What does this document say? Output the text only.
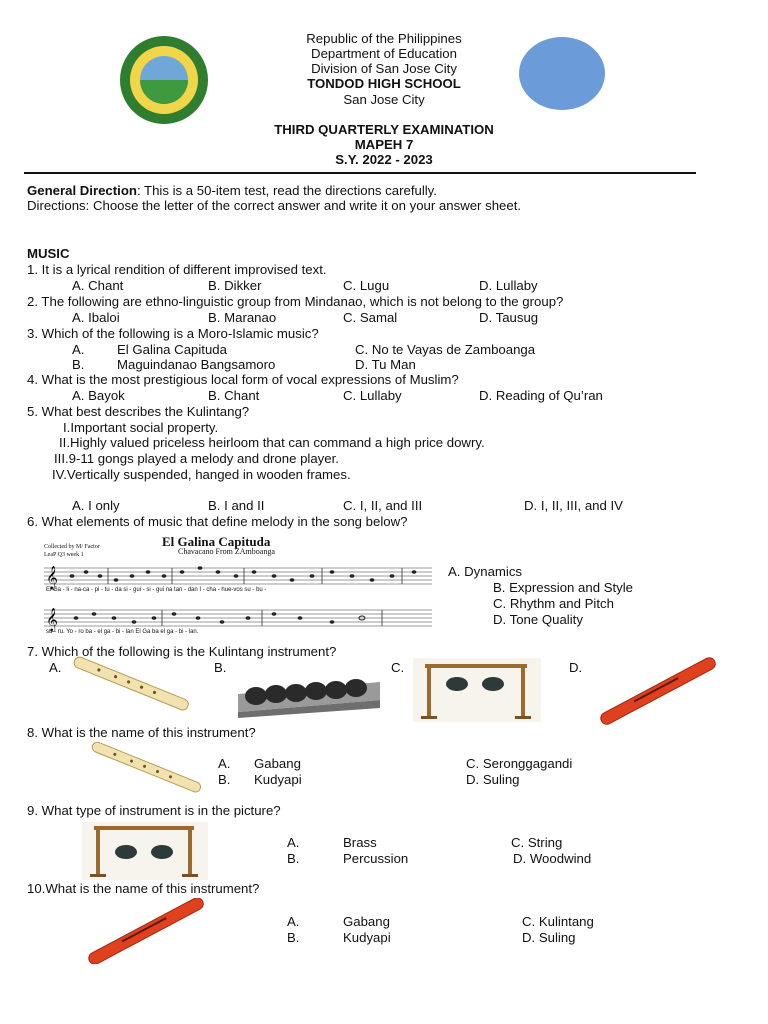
Republic of the Philippines
Department of Education
Division of San Jose City
TONDOD HIGH SCHOOL
San Jose City
THIRD QUARTERLY EXAMINATION
MAPEH 7
S.Y. 2022 - 2023
General Direction: This is a 50-item test, read the directions carefully.
Directions: Choose the letter of the correct answer and write it on your answer sheet.
MUSIC
1. It is a lyrical rendition of different improvised text.
A. Chant	B. Dikker	C. Lugu	D. Lullaby
2. The following are ethno-linguistic group from Mindanao, which is not belong to the group?
A. Ibaloi	B. Maranao	C. Samal	D. Tausug
3. Which of the following is a Moro-Islamic music?
A. El Galina Capituda	C. No te Vayas de Zamboanga
B. Maguindanao Bangsamoro	D. Tu Man
4. What is the most prestigious local form of vocal expressions of Muslim?
A. Bayok	B. Chant	C. Lullaby	D. Reading of Qu’ran
5. What best describes the Kulintang?
I.Important social property.
II.Highly valued priceless heirloom that can command a high price dowry.
III.9-11 gongs played a melody and drone player.
IV.Vertically suspended, hanged in wooden frames.
A. I only	B. I and II	C. I, II, and III	D. I, II, III, and IV
6. What elements of music that define melody in the song below?
El Galina Capituda
Chavacano From ZAmboanga
Collected by M/ Factor
LeaP Q3 week 1
𝄞
𝄞
El Ga - li - na-ca - pi - tu - da si - gui - si - gui na tan - dan I - cha - hue-vos su - bu -
su - ru. Yo - ro ba - el ga - bi - lan El Ga ba el ga - bi - lan.
A. Dynamics
B. Expression and Style
C. Rhythm and Pitch
D. Tone Quality
7. Which of the following is the Kulintang instrument?
A.	B.	C.	D.
8. What is the name of this instrument?
A. Gabang	C. Seronggagandi
B. Kudyapi	D. Suling
9. What type of instrument is in the picture?
A.	Brass	C. String
B.	Percussion	D. Woodwind
10.What is the name of this instrument?
A.	Gabang	C. Kulintang
B.	Kudyapi	D. Suling
